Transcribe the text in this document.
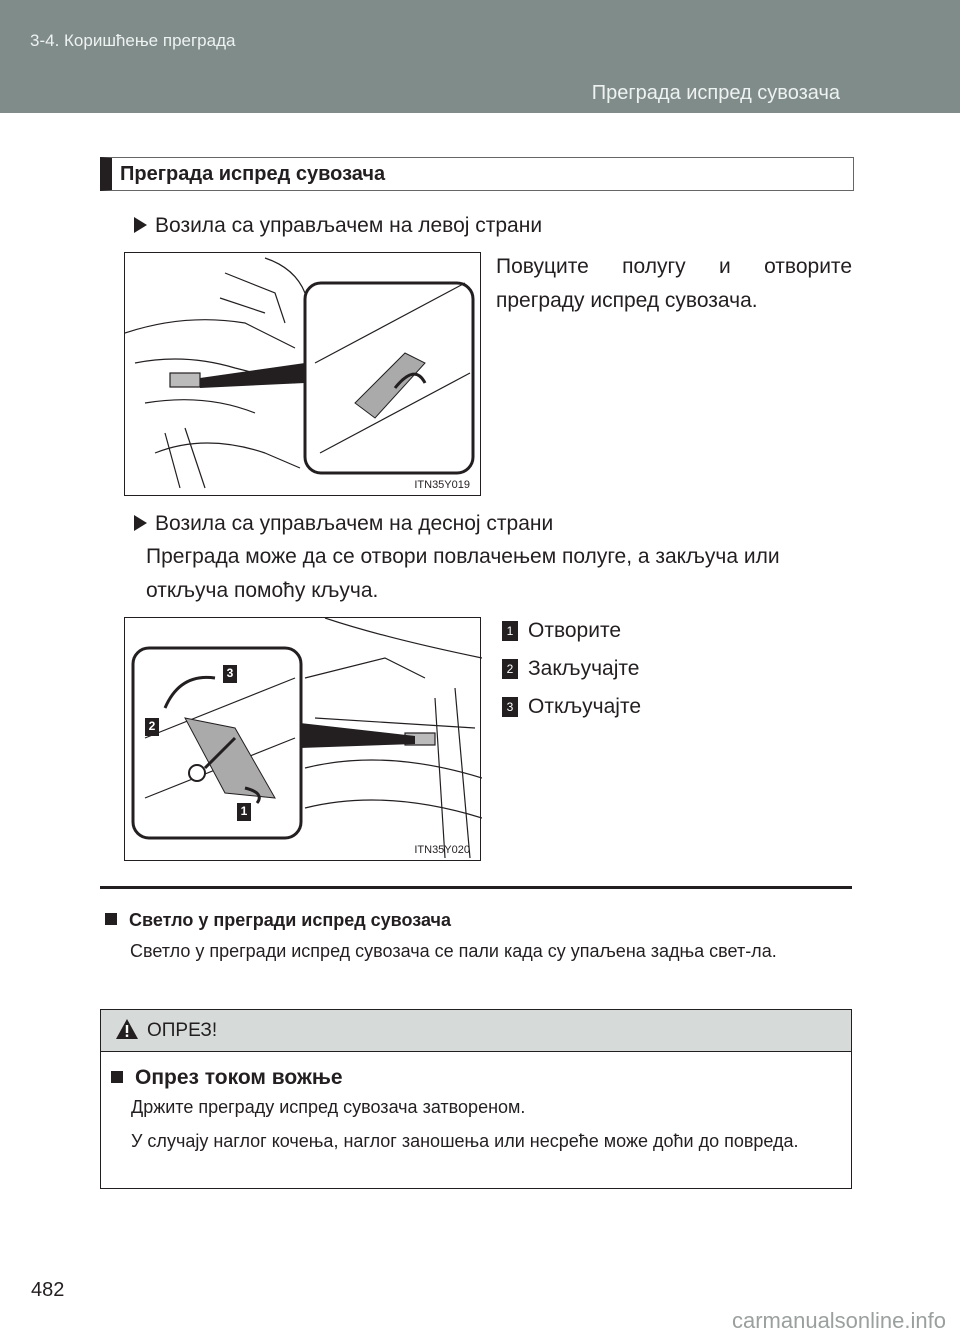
3-4. Коришћење преграда
Преграда испред сувозача
Преграда испред сувозача
Возила са управљачем на левој страни
Повуците полугу и отворите преграду испред сувозача.
ITN35Y019
Возила са управљачем на десној страни
Преграда може да се отвори повлачењем полуге, а закључа или откључа помоћу кључа.
3
2
1
ITN35Y020
1 Отворите
2 Закључајте
3 Откључајте
Светло у прегради испред сувозача
Светло у прегради испред сувозача се пали када су упаљена задња свет-ла.
ОПРЕЗ!
Опрез током вожње
Држите преграду испред сувозача затвореном.
У случају наглог кочења, наглог заношења или несреће може доћи до повреда.
482
carmanualsonline.info
